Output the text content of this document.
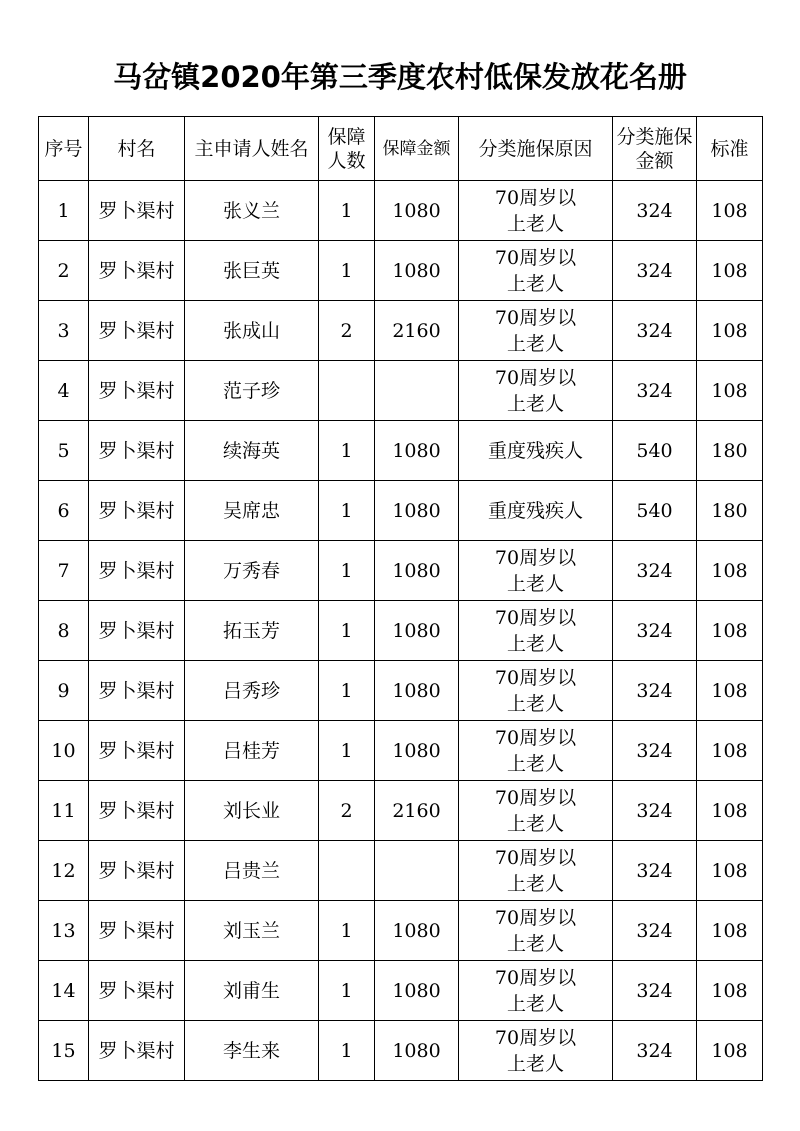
马岔镇2020年第三季度农村低保发放花名册
序号	村名	主申请人姓名	保障人数	保障金额	分类施保原因	分类施保金额	标准
1	罗卜渠村	张义兰	1	1080	70周岁以上老人	324	108
2	罗卜渠村	张巨英	1	1080	70周岁以上老人	324	108
3	罗卜渠村	张成山	2	2160	70周岁以上老人	324	108
4	罗卜渠村	范子珍			70周岁以上老人	324	108
5	罗卜渠村	续海英	1	1080	重度残疾人	540	180
6	罗卜渠村	吴席忠	1	1080	重度残疾人	540	180
7	罗卜渠村	万秀春	1	1080	70周岁以上老人	324	108
8	罗卜渠村	拓玉芳	1	1080	70周岁以上老人	324	108
9	罗卜渠村	吕秀珍	1	1080	70周岁以上老人	324	108
10	罗卜渠村	吕桂芳	1	1080	70周岁以上老人	324	108
11	罗卜渠村	刘长业	2	2160	70周岁以上老人	324	108
12	罗卜渠村	吕贵兰			70周岁以上老人	324	108
13	罗卜渠村	刘玉兰	1	1080	70周岁以上老人	324	108
14	罗卜渠村	刘甫生	1	1080	70周岁以上老人	324	108
15	罗卜渠村	李生来	1	1080	70周岁以上老人	324	108
